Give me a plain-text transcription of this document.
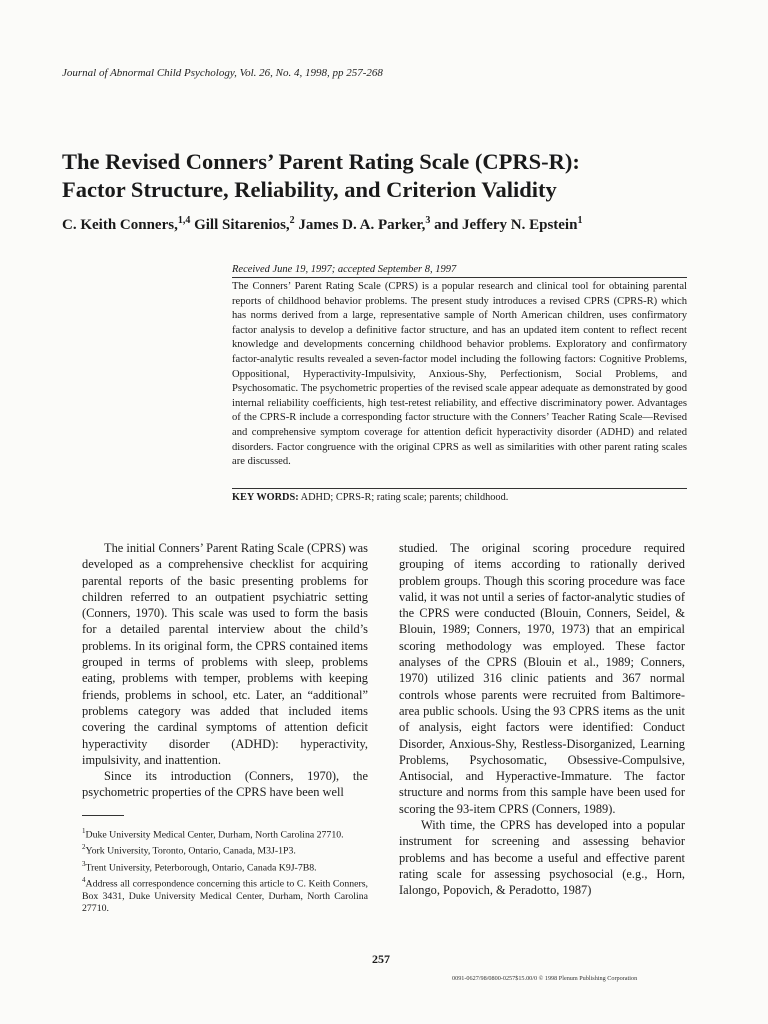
Journal of Abnormal Child Psychology, Vol. 26, No. 4, 1998, pp 257-268
The Revised Conners’ Parent Rating Scale (CPRS-R):
Factor Structure, Reliability, and Criterion Validity
C. Keith Conners,$^{1,4}$ Gill Sitarenios,$^2$ James D. A. Parker,$^3$ and Jeffery N. Epstein$^1$
Received June 19, 1997; accepted September 8, 1997

The Conners’ Parent Rating Scale (CPRS) is a popular research and clinical tool for obtaining parental reports of childhood behavior problems. The present study introduces a revised CPRS (CPRS-R) which has norms derived from a large, representative sample of North American children, uses confirmatory factor analysis to develop a definitive factor structure, and has an updated item content to reflect recent knowledge and developments concerning childhood behavior problems. Exploratory and confirmatory factor-analytic results revealed a seven-factor model including the following factors: Cognitive Problems, Oppositional, Hyperactivity-Impulsivity, Anxious-Shy, Perfectionism, Social Problems, and Psychosomatic. The psychometric properties of the revised scale appear adequate as demonstrated by good internal reliability coefficients, high test-retest reliability, and effective discriminatory power. Advantages of the CPRS-R include a corresponding factor structure with the Conners’ Teacher Rating Scale—Revised and comprehensive symptom coverage for attention deficit hyperactivity disorder (ADHD) and related disorders. Factor congruence with the original CPRS as well as similarities with other parent rating scales are discussed.

KEY WORDS: ADHD; CPRS-R; rating scale; parents; childhood.

The initial Conners’ Parent Rating Scale (CPRS) was developed as a comprehensive checklist for acquiring parental reports of the basic presenting problems for children referred to an outpatient psychiatric setting (Conners, 1970). This scale was used to form the basis for a detailed parental interview about the child’s problems. In its original form, the CPRS contained items grouped in terms of problems with sleep, problems eating, problems with temper, problems with keeping friends, problems in school, etc. Later, an “additional” problems category was added that included items covering the cardinal symptoms of attention deficit hyperactivity disorder (ADHD): hyperactivity, impulsivity, and inattention.

Since its introduction (Conners, 1970), the psychometric properties of the CPRS have been well

studied. The original scoring procedure required grouping of items according to rationally derived problem groups. Though this scoring procedure was face valid, it was not until a series of factor-analytic studies of the CPRS were conducted (Blouin, Conners, Seidel, & Blouin, 1989; Conners, 1970, 1973) that an empirical scoring methodology was employed. These factor analyses of the CPRS (Blouin et al., 1989; Conners, 1970) utilized 316 clinic patients and 367 normal controls whose parents were recruited from Baltimore-area public schools. Using the 93 CPRS items as the unit of analysis, eight factors were identified: Conduct Disorder, Anxious-Shy, Restless-Disorganized, Learning Problems, Psychosomatic, Obsessive-Compulsive, Antisocial, and Hyperactive-Immature. The factor structure and norms from this sample have been used for scoring the 93-item CPRS (Conners, 1989).

With time, the CPRS has developed into a popular instrument for screening and assessing behavior problems and has become a useful and effective parent rating scale for assessing psychosocial (e.g., Horn, Ialongo, Popovich, & Peradotto, 1987)

$^1$Duke University Medical Center, Durham, North Carolina 27710.
$^2$York University, Toronto, Ontario, Canada, M3J-1P3.
$^3$Trent University, Peterborough, Ontario, Canada K9J-7B8.
$^4$Address all correspondence concerning this article to C. Keith Conners, Box 3431, Duke University Medical Center, Durham, North Carolina 27710.
257
0091-0627/98/0800-0257$15.00/0 © 1998 Plenum Publishing Corporation
